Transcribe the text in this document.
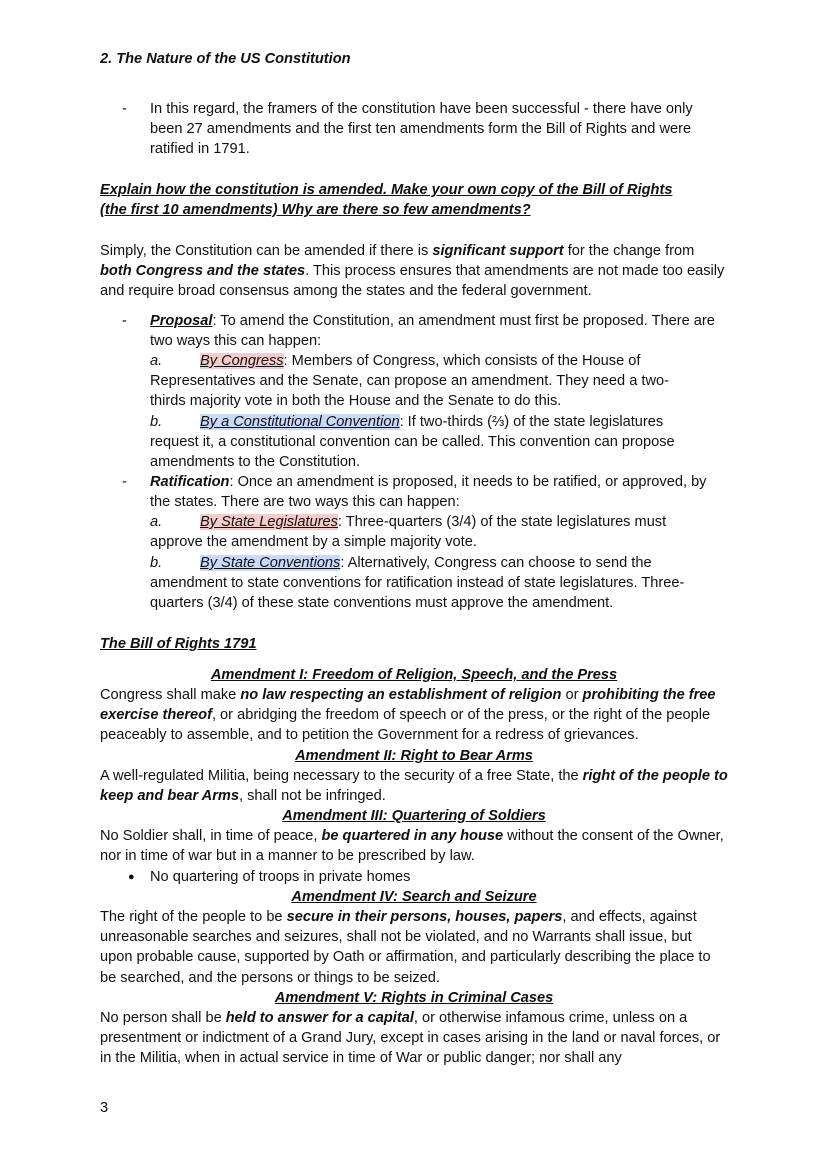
2. The Nature of the US Constitution

-	In this regard, the framers of the constitution have been successful - there have only been 27 amendments and the first ten amendments form the Bill of Rights and were ratified in 1791.

Explain how the constitution is amended. Make your own copy of the Bill of Rights

(the first 10 amendments) Why are there so few amendments?

Simply, the Constitution can be amended if there is significant support for the change from both Congress and the states. This process ensures that amendments are not made too easily and require broad consensus among the states and the federal government.

-	Proposal: To amend the Constitution, an amendment must first be proposed. There are two ways this can happen:

a.	By Congress: Members of Congress, which consists of the House of Representatives and the Senate, can propose an amendment. They need a two-thirds majority vote in both the House and the Senate to do this.

b.	By a Constitutional Convention: If two-thirds (⅔) of the state legislatures request it, a constitutional convention can be called. This convention can propose amendments to the Constitution.

-	Ratification: Once an amendment is proposed, it needs to be ratified, or approved, by the states. There are two ways this can happen:

a.	By State Legislatures: Three-quarters (3/4) of the state legislatures must approve the amendment by a simple majority vote.

b.	By State Conventions: Alternatively, Congress can choose to send the amendment to state conventions for ratification instead of state legislatures. Three-quarters (3/4) of these state conventions must approve the amendment.

The Bill of Rights 1791

Amendment I: Freedom of Religion, Speech, and the Press

Congress shall make no law respecting an establishment of religion or prohibiting the free exercise thereof, or abridging the freedom of speech or of the press, or the right of the people peaceably to assemble, and to petition the Government for a redress of grievances.

Amendment II: Right to Bear Arms

A well-regulated Militia, being necessary to the security of a free State, the right of the people to keep and bear Arms, shall not be infringed.

Amendment III: Quartering of Soldiers

No Soldier shall, in time of peace, be quartered in any house without the consent of the Owner, nor in time of war but in a manner to be prescribed by law.

● No quartering of troops in private homes

Amendment IV: Search and Seizure

The right of the people to be secure in their persons, houses, papers, and effects, against unreasonable searches and seizures, shall not be violated, and no Warrants shall issue, but upon probable cause, supported by Oath or affirmation, and particularly describing the place to be searched, and the persons or things to be seized.

Amendment V: Rights in Criminal Cases

No person shall be held to answer for a capital, or otherwise infamous crime, unless on a presentment or indictment of a Grand Jury, except in cases arising in the land or naval forces, or in the Militia, when in actual service in time of War or public danger; nor shall any

3
